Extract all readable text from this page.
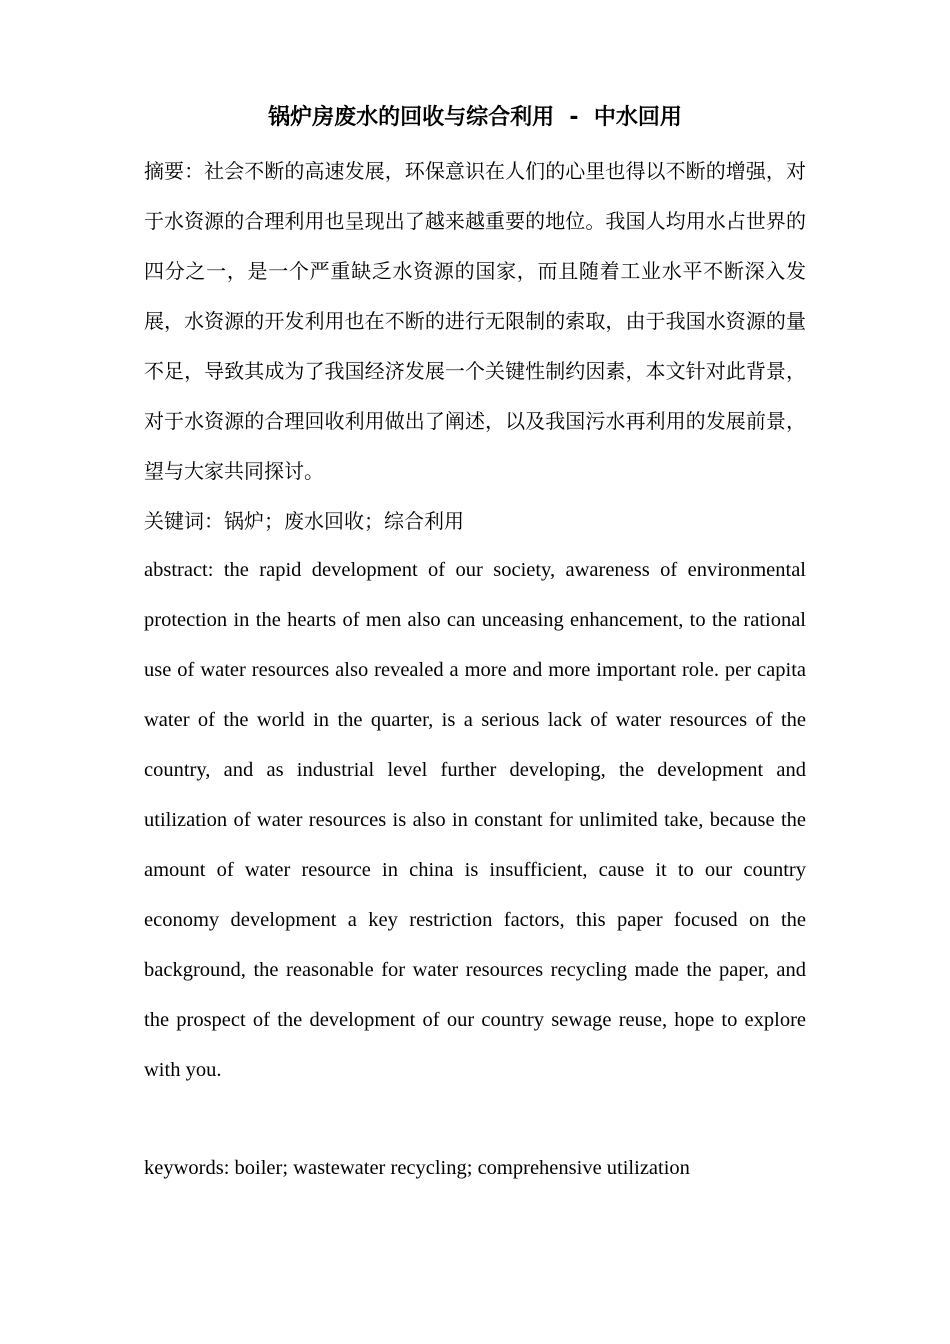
锅炉房废水的回收与综合利用  -  中水回用

摘要：社会不断的高速发展，环保意识在人们的心里也得以不断的增强，对于水资源的合理利用也呈现出了越来越重要的地位。我国人均用水占世界的四分之一，是一个严重缺乏水资源的国家，而且随着工业水平不断深入发展，水资源的开发利用也在不断的进行无限制的索取，由于我国水资源的量不足，导致其成为了我国经济发展一个关键性制约因素，本文针对此背景，对于水资源的合理回收利用做出了阐述，以及我国污水再利用的发展前景，望与大家共同探讨。

关键词：锅炉；废水回收；综合利用

abstract: the rapid development of our society, awareness of environmental protection in the hearts of men also can unceasing enhancement, to the rational use of water resources also revealed a more and more important role. per capita water of the world in the quarter, is a serious lack of water resources of the country, and as industrial level further developing, the development and utilization of water resources is also in constant for unlimited take, because the amount of water resource in china is insufficient, cause it to our country economy development a key restriction factors, this paper focused on the background, the reasonable for water resources recycling made the paper, and the prospect of the development of our country sewage reuse, hope to explore with you.

keywords: boiler; wastewater recycling; comprehensive utilization
